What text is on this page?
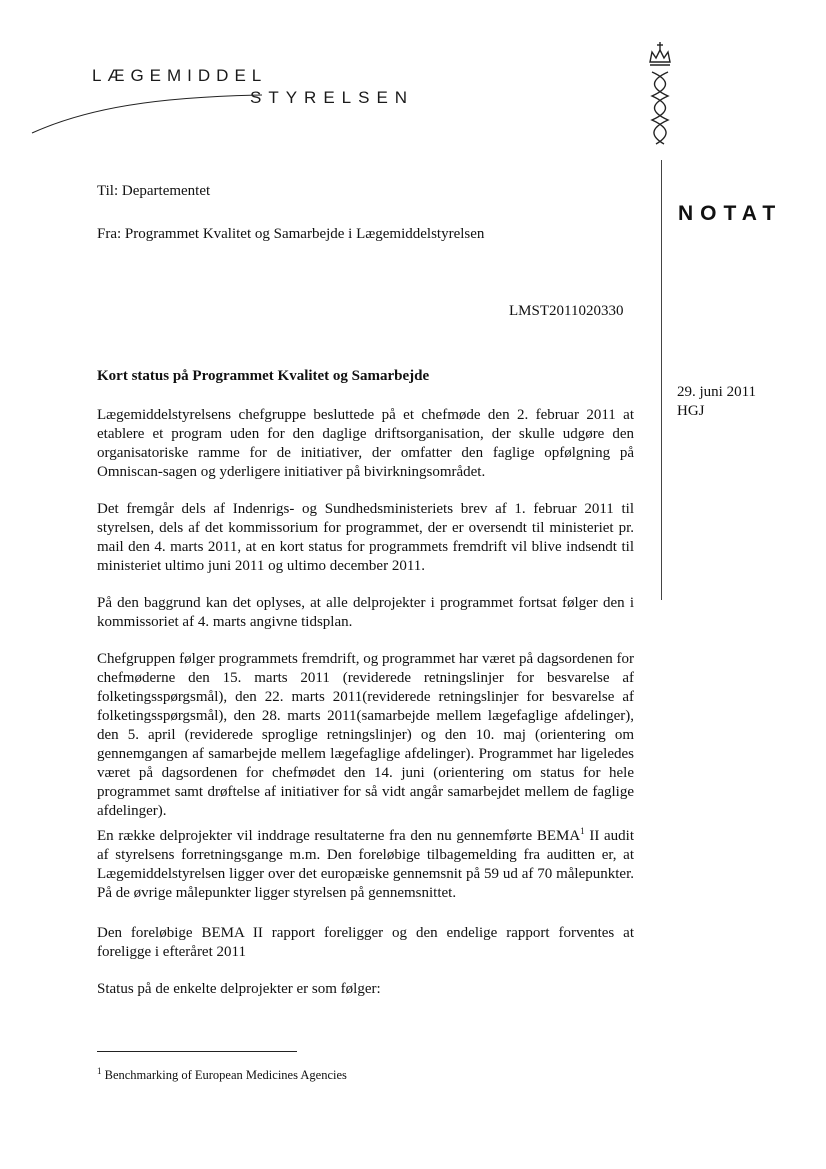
LÆGEMIDDEL
STYRELSEN
NOTAT
Til: Departementet
Fra: Programmet Kvalitet og Samarbejde i Lægemiddelstyrelsen
LMST2011020330
29. juni 2011
HGJ
Kort status på Programmet Kvalitet og Samarbejde

Lægemiddelstyrelsens chefgruppe besluttede på et chefmøde den 2. februar 2011 at etablere et program uden for den daglige driftsorganisation, der skulle udgøre den organisatoriske ramme for de initiativer, der omfatter den faglige opfølgning på Omniscan-sagen og yderligere initiativer på bivirkningsområdet.

Det fremgår dels af Indenrigs- og Sundhedsministeriets brev af 1. februar 2011 til styrelsen, dels af det kommissorium for programmet, der er oversendt til ministeriet pr. mail den 4. marts 2011, at en kort status for programmets fremdrift vil blive indsendt til ministeriet ultimo juni 2011 og ultimo december 2011.

På den baggrund kan det oplyses, at alle delprojekter i programmet fortsat følger den i kommissoriet af 4. marts angivne tidsplan.

Chefgruppen følger programmets fremdrift, og programmet har været på dagsordenen for chefmøderne den 15. marts 2011 (reviderede retningslinjer for besvarelse af folketingsspørgsmål), den 22. marts 2011(reviderede retningslinjer for besvarelse af folketingsspørgsmål), den 28. marts 2011(samarbejde mellem lægefaglige afdelinger), den 5. april (reviderede sproglige retningslinjer) og den 10. maj (orientering om gennemgangen af samarbejde mellem lægefaglige afdelinger). Programmet har ligeledes været på dagsordenen for chefmødet den 14. juni (orientering om status for hele programmet samt drøftelse af initiativer for så vidt angår samarbejdet mellem de faglige afdelinger).

En række delprojekter vil inddrage resultaterne fra den nu gennemførte BEMA$^1$ II audit af styrelsens forretningsgange m.m. Den foreløbige tilbagemelding fra auditten er, at Lægemiddelstyrelsen ligger over det europæiske gennemsnit på 59 ud af 70 målepunkter. På de øvrige målepunkter ligger styrelsen på gennemsnittet.

Den foreløbige BEMA II rapport foreligger og den endelige rapport forventes at foreligge i efteråret 2011

Status på de enkelte delprojekter er som følger:

$^1$ Benchmarking of European Medicines Agencies
